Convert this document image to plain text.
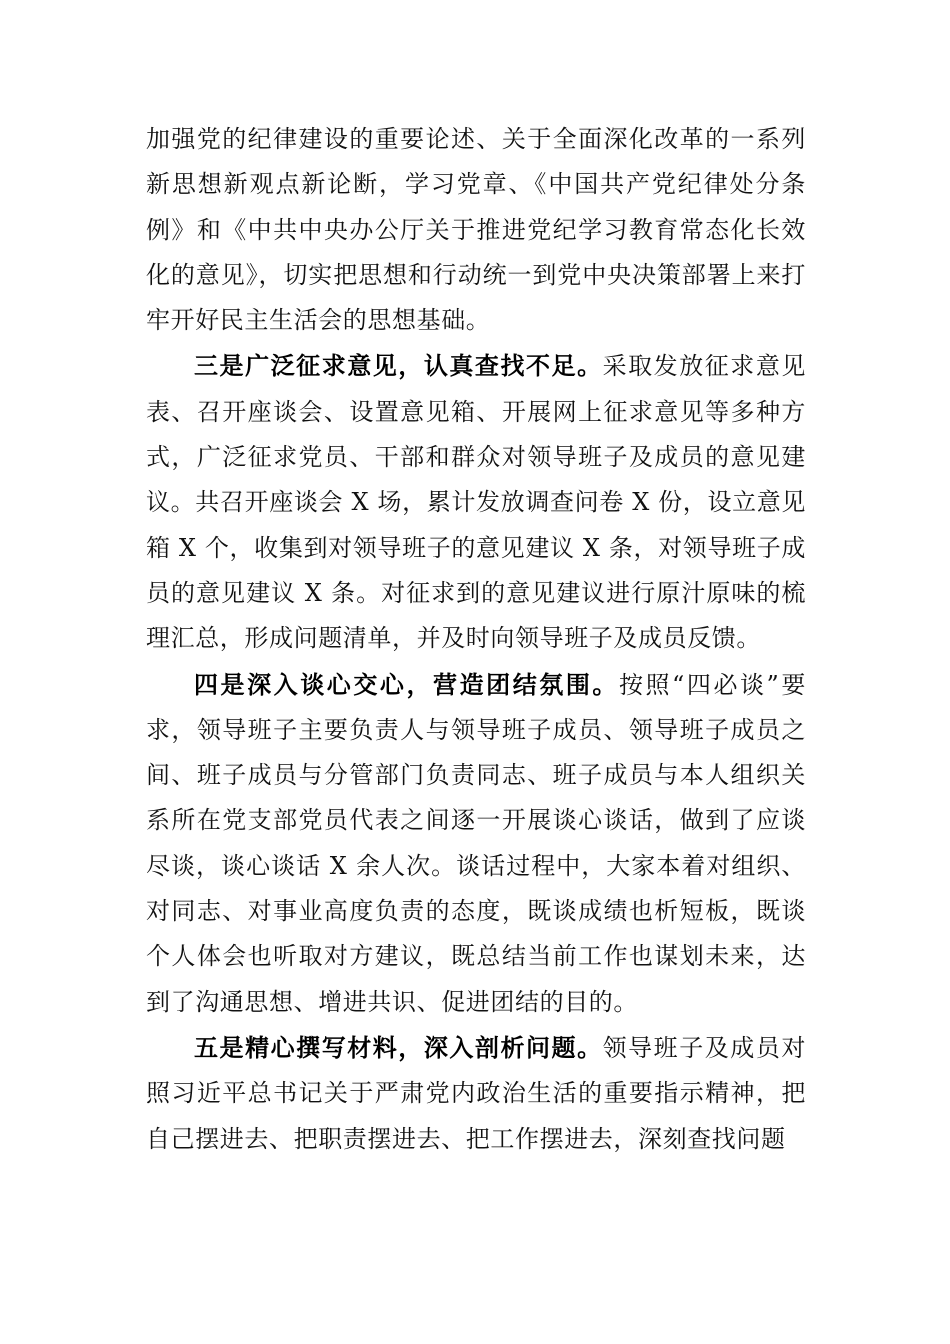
加强党的纪律建设的重要论述、关于全面深化改革的一系列新思想新观点新论断，学习党章、《中国共产党纪律处分条例》和《中共中央办公厅关于推进党纪学习教育常态化长效化的意见》，切实把思想和行动统一到党中央决策部署上来打牢开好民主生活会的思想基础。

三是广泛征求意见，认真查找不足。采取发放征求意见表、召开座谈会、设置意见箱、开展网上征求意见等多种方式，广泛征求党员、干部和群众对领导班子及成员的意见建议。共召开座谈会 X 场，累计发放调查问卷 X 份，设立意见箱 X 个，收集到对领导班子的意见建议 X 条，对领导班子成员的意见建议 X 条。对征求到的意见建议进行原汁原味的梳理汇总，形成问题清单，并及时向领导班子及成员反馈。

四是深入谈心交心，营造团结氛围。按照“四必谈”要求，领导班子主要负责人与领导班子成员、领导班子成员之间、班子成员与分管部门负责同志、班子成员与本人组织关系所在党支部党员代表之间逐一开展谈心谈话，做到了应谈尽谈，谈心谈话 X 余人次。谈话过程中，大家本着对组织、对同志、对事业高度负责的态度，既谈成绩也析短板，既谈个人体会也听取对方建议，既总结当前工作也谋划未来，达到了沟通思想、增进共识、促进团结的目的。

五是精心撰写材料，深入剖析问题。领导班子及成员对照习近平总书记关于严肃党内政治生活的重要指示精神，把自己摆进去、把职责摆进去、把工作摆进去，深刻查找问题
